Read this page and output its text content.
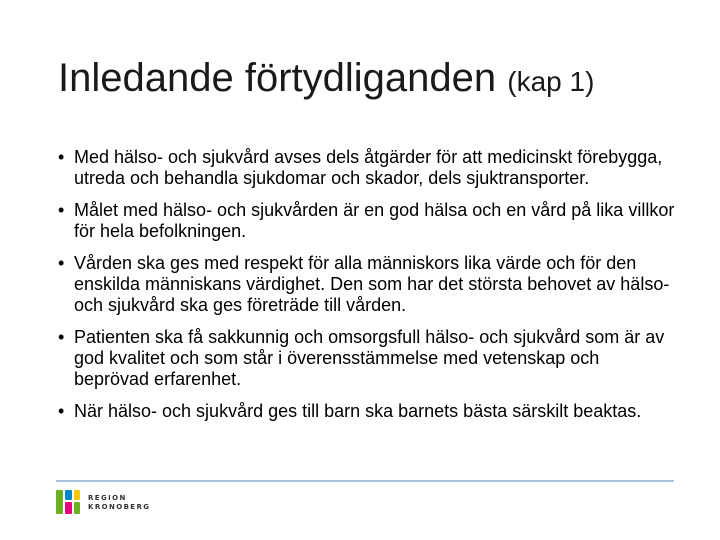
Inledande förtydliganden (kap 1)
• Med hälso- och sjukvård avses dels åtgärder för att medicinskt förebygga, utreda och behandla sjukdomar och skador, dels sjuktransporter.
• Målet med hälso- och sjukvården är en god hälsa och en vård på lika villkor för hela befolkningen.
• Vården ska ges med respekt för alla människors lika värde och för den enskilda människans värdighet. Den som har det största behovet av hälso- och sjukvård ska ges företräde till vården.
• Patienten ska få sakkunnig och omsorgsfull hälso- och sjukvård som är av god kvalitet och som står i överensstämmelse med vetenskap och beprövad erfarenhet.
• När hälso- och sjukvård ges till barn ska barnets bästa särskilt beaktas.
REGION
KRONOBERG
